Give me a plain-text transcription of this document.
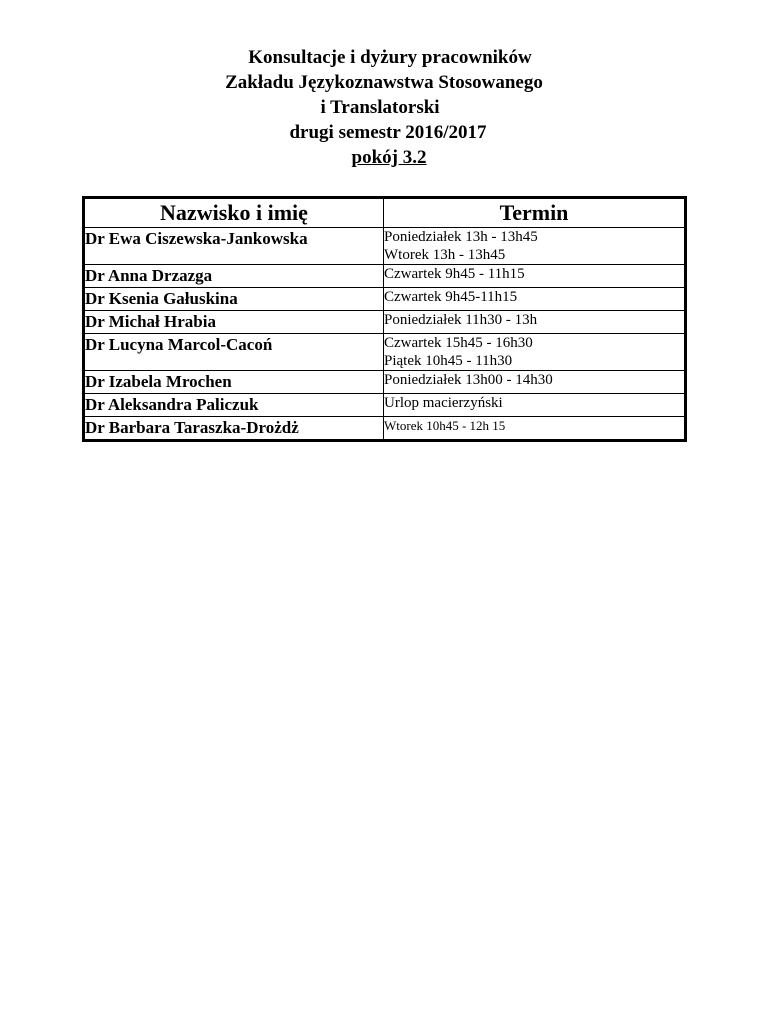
Konsultacje i dyżury pracowników
Zakładu Językoznawstwa Stosowanego
i Translatorski
drugi semestr 2016/2017
pokój 3.2
Nazwisko i imię	Termin
Dr Ewa Ciszewska-Jankowska	Poniedziałek 13h - 13h45
Wtorek 13h - 13h45

Dr Anna Drzazga	Czwartek 9h45 - 11h15

Dr Ksenia Gałuskina	Czwartek 9h45-11h15

Dr Michał Hrabia	Poniedziałek 11h30 - 13h

Dr Lucyna Marcol-Cacoń	Czwartek 15h45 - 16h30
Piątek 10h45 - 11h30

Dr Izabela Mrochen	Poniedziałek 13h00 - 14h30

Dr Aleksandra Paliczuk	Urlop macierzyński

Dr Barbara Taraszka-Drożdż	Wtorek 10h45 - 12h 15
